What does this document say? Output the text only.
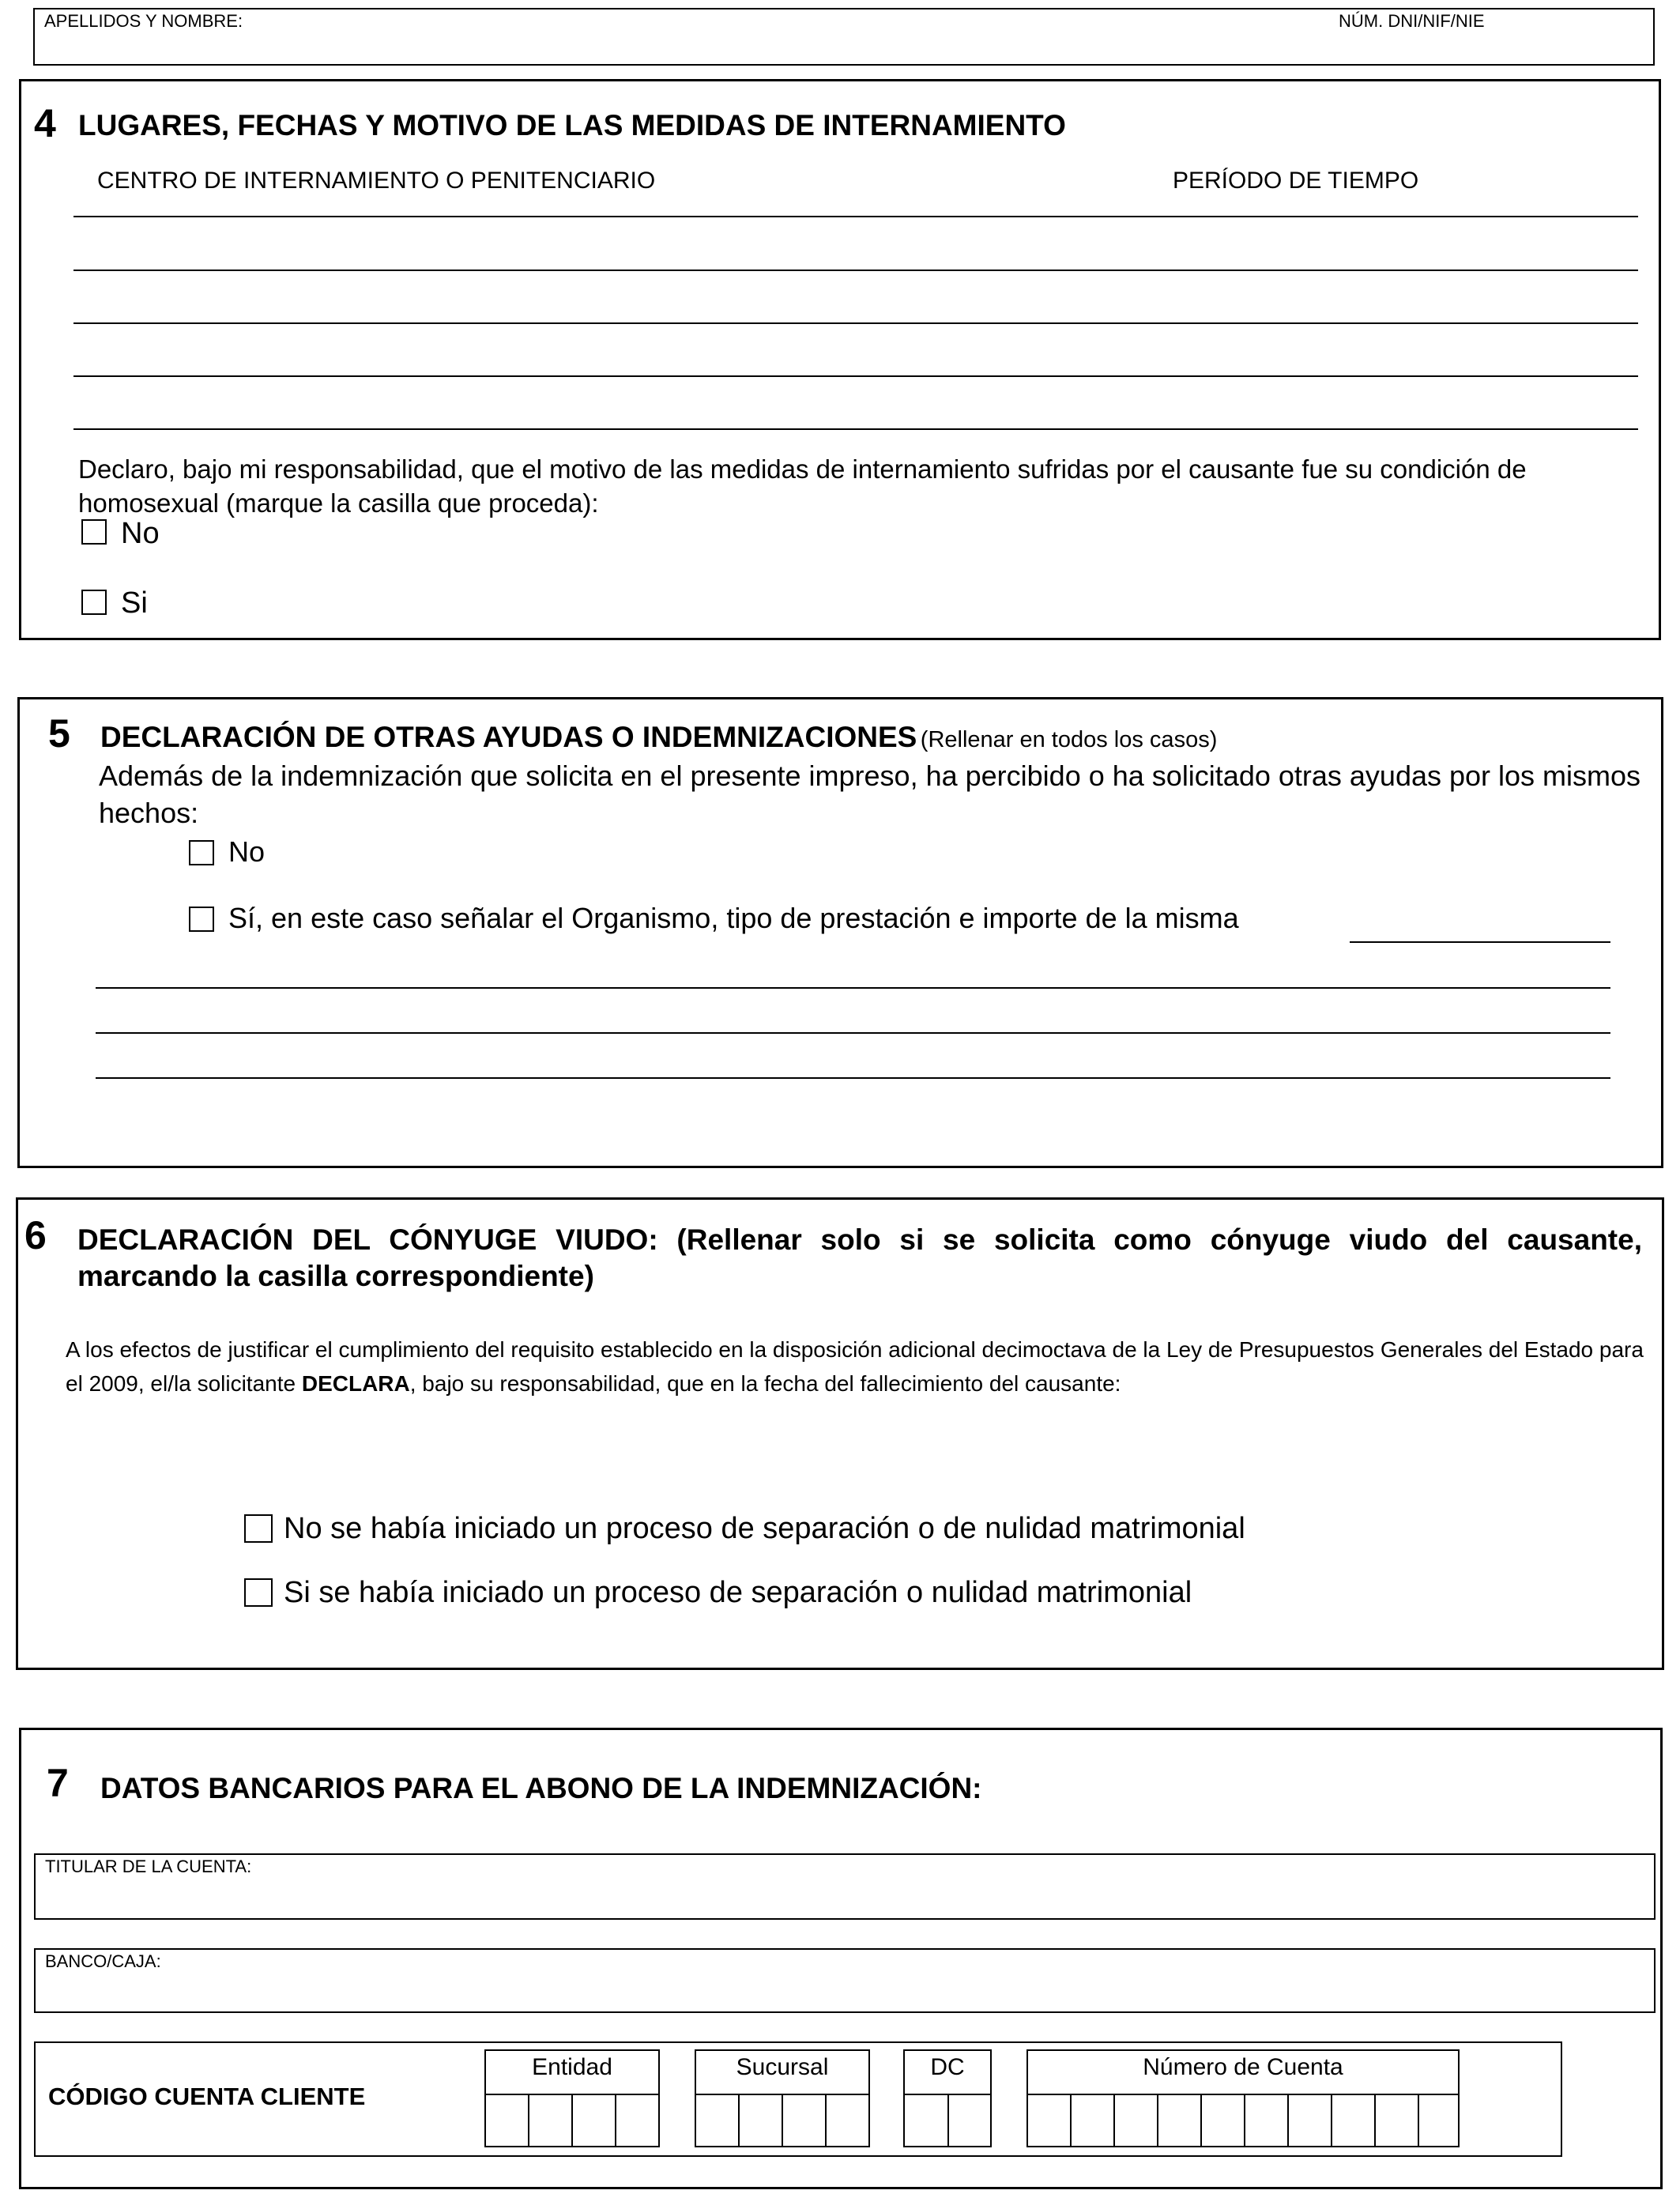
APELLIDOS Y NOMBRE:	NÚM. DNI/NIF/NIE
4 LUGARES, FECHAS Y MOTIVO DE LAS MEDIDAS DE INTERNAMIENTO
CENTRO DE INTERNAMIENTO O PENITENCIARIO	PERÍODO DE TIEMPO
Declaro, bajo mi responsabilidad, que el motivo de las medidas de internamiento sufridas por el causante fue su condición de homosexual (marque la casilla que proceda):
No
Si
5 DECLARACIÓN DE OTRAS AYUDAS O INDEMNIZACIONES (Rellenar en todos los casos)
Además de la indemnización que solicita en el presente impreso, ha percibido o ha solicitado otras ayudas por los mismos hechos:
No
Sí, en este caso señalar el Organismo, tipo de prestación e importe de la misma
6 DECLARACIÓN DEL CÓNYUGE VIUDO: (Rellenar solo si se solicita como cónyuge viudo del causante, marcando la casilla correspondiente)
A los efectos de justificar el cumplimiento del requisito establecido en la disposición adicional decimoctava de la Ley de Presupuestos Generales del Estado para el 2009, el/la solicitante DECLARA, bajo su responsabilidad, que en la fecha del fallecimiento del causante:
No se había iniciado un proceso de separación o de nulidad matrimonial
Si se había iniciado un proceso de separación o nulidad matrimonial
7 DATOS BANCARIOS PARA EL ABONO DE LA INDEMNIZACIÓN:
TITULAR DE LA CUENTA:
BANCO/CAJA:
CÓDIGO CUENTA CLIENTE
Entidad	Sucursal	DC	Número de Cuenta
